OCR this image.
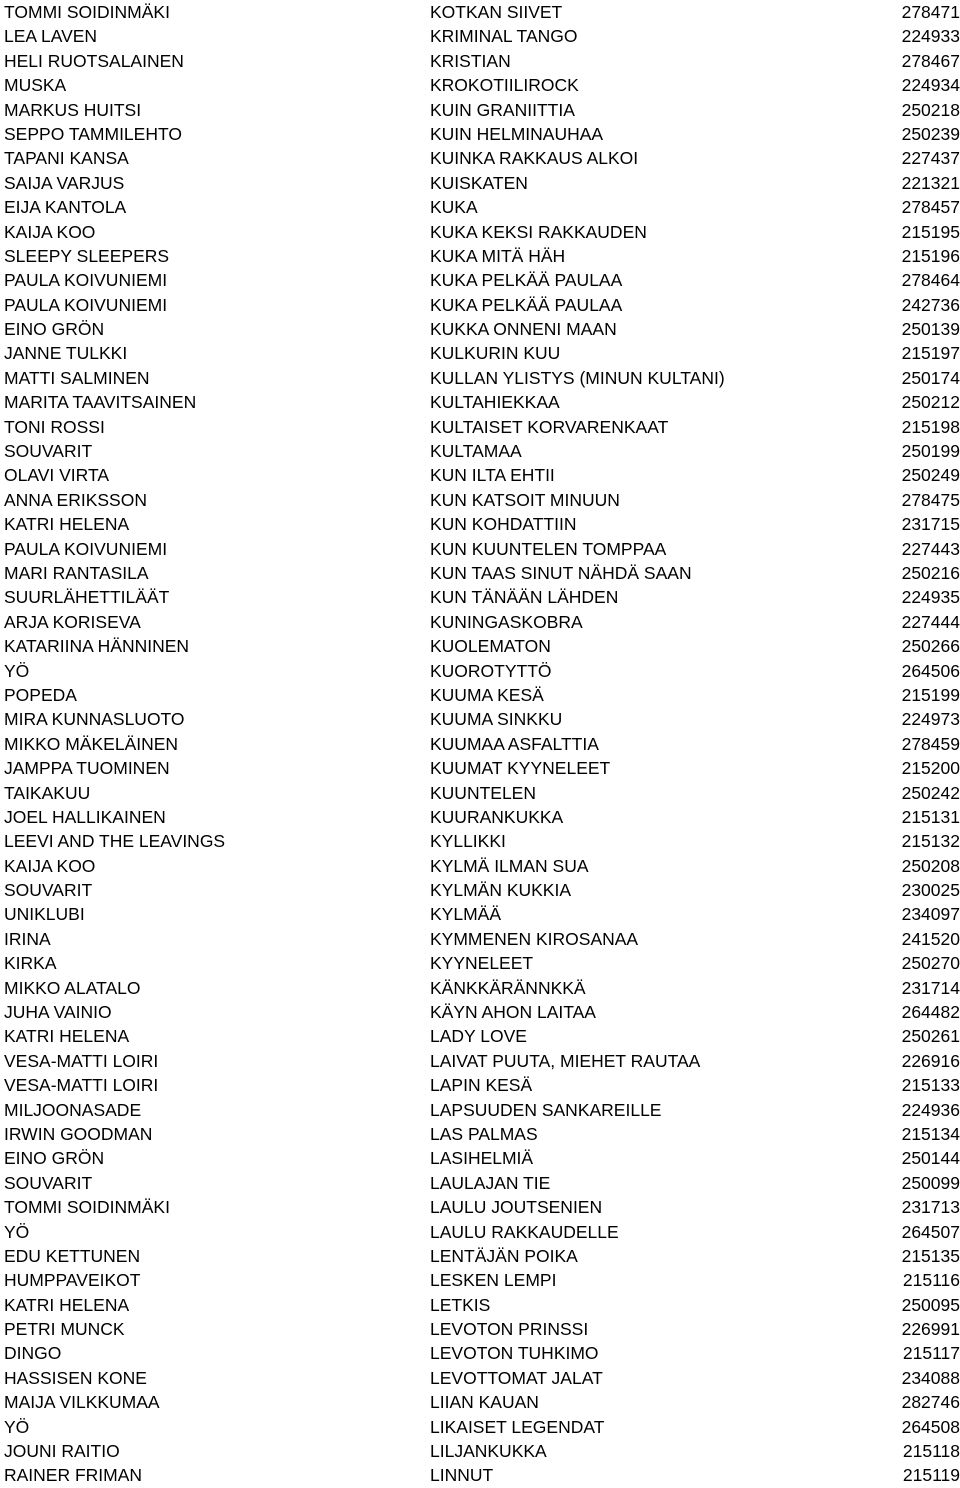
TOMMI SOIDINMÄKI	KOTKAN SIIVET	278471
LEA LAVEN	KRIMINAL TANGO	224933
HELI RUOTSALAINEN	KRISTIAN	278467
MUSKA	KROKOTIILIROCK	224934
MARKUS HUITSI	KUIN GRANIITTIA	250218
SEPPO TAMMILEHTO	KUIN HELMINAUHAA	250239
TAPANI KANSA	KUINKA RAKKAUS ALKOI	227437
SAIJA VARJUS	KUISKATEN	221321
EIJA KANTOLA	KUKA	278457
KAIJA KOO	KUKA KEKSI RAKKAUDEN	215195
SLEEPY SLEEPERS	KUKA MITÄ HÄH	215196
PAULA KOIVUNIEMI	KUKA PELKÄÄ PAULAA	278464
PAULA KOIVUNIEMI	KUKA PELKÄÄ PAULAA	242736
EINO GRÖN	KUKKA ONNENI MAAN	250139
JANNE TULKKI	KULKURIN KUU	215197
MATTI SALMINEN	KULLAN YLISTYS (MINUN KULTANI)	250174
MARITA TAAVITSAINEN	KULTAHIEKKAA	250212
TONI ROSSI	KULTAISET KORVARENKAAT	215198
SOUVARIT	KULTAMAA	250199
OLAVI VIRTA	KUN ILTA EHTII	250249
ANNA ERIKSSON	KUN KATSOIT MINUUN	278475
KATRI HELENA	KUN KOHDATTIIN	231715
PAULA KOIVUNIEMI	KUN KUUNTELEN TOMPPAA	227443
MARI RANTASILA	KUN TAAS SINUT NÄHDÄ SAAN	250216
SUURLÄHETTILÄÄT	KUN TÄNÄÄN LÄHDEN	224935
ARJA KORISEVA	KUNINGASKOBRA	227444
KATARIINA HÄNNINEN	KUOLEMATON	250266
YÖ	KUOROTYTTÖ	264506
POPEDA	KUUMA KESÄ	215199
MIRA KUNNASLUOTO	KUUMA SINKKU	224973
MIKKO MÄKELÄINEN	KUUMAA ASFALTTIA	278459
JAMPPA TUOMINEN	KUUMAT KYYNELEET	215200
TAIKAKUU	KUUNTELEN	250242
JOEL HALLIKAINEN	KUURANKUKKA	215131
LEEVI AND THE LEAVINGS	KYLLIKKI	215132
KAIJA KOO	KYLMÄ ILMAN SUA	250208
SOUVARIT	KYLMÄN KUKKIA	230025
UNIKLUBI	KYLMÄÄ	234097
IRINA	KYMMENEN KIROSANAA	241520
KIRKA	KYYNELEET	250270
MIKKO ALATALO	KÄNKKÄRÄNNKKÄ	231714
JUHA VAINIO	KÄYN AHON LAITAA	264482
KATRI HELENA	LADY LOVE	250261
VESA-MATTI LOIRI	LAIVAT PUUTA, MIEHET RAUTAA	226916
VESA-MATTI LOIRI	LAPIN KESÄ	215133
MILJOONASADE	LAPSUUDEN SANKAREILLE	224936
IRWIN GOODMAN	LAS PALMAS	215134
EINO GRÖN	LASIHELMIÄ	250144
SOUVARIT	LAULAJAN TIE	250099
TOMMI SOIDINMÄKI	LAULU JOUTSENIEN	231713
YÖ	LAULU RAKKAUDELLE	264507
EDU KETTUNEN	LENTÄJÄN POIKA	215135
HUMPPAVEIKOT	LESKEN LEMPI	215116
KATRI HELENA	LETKIS	250095
PETRI MUNCK	LEVOTON PRINSSI	226991
DINGO	LEVOTON TUHKIMO	215117
HASSISEN KONE	LEVOTTOMAT JALAT	234088
MAIJA VILKKUMAA	LIIAN KAUAN	282746
YÖ	LIKAISET LEGENDAT	264508
JOUNI RAITIO	LILJANKUKKA	215118
RAINER FRIMAN	LINNUT	215119
